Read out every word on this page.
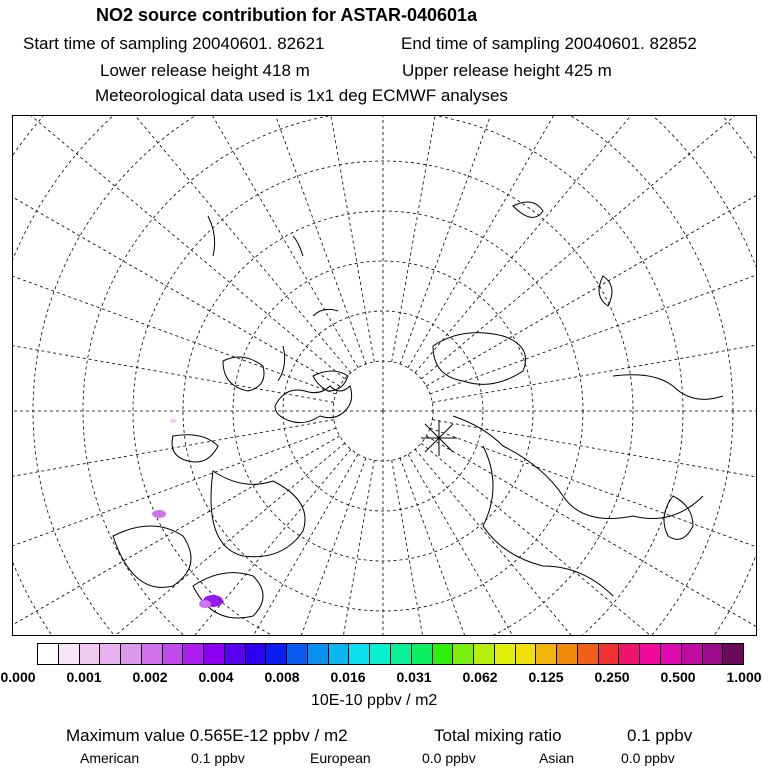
NO2 source contribution for ASTAR-040601a
Start time of sampling 20040601. 82621	End time of sampling 20040601. 82852
Lower release height 418 m	Upper release height 425 m
Meteorological data used is 1x1 deg ECMWF analyses
0.000 0.001 0.002 0.004 0.008 0.016 0.031 0.062 0.125 0.250 0.500 1.000
10E-10 ppbv / m2
Maximum value 0.565E-12 ppbv / m2	Total mixing ratio	0.1 ppbv
American	0.1 ppbv	European	0.0 ppbv	Asian	0.0 ppbv
